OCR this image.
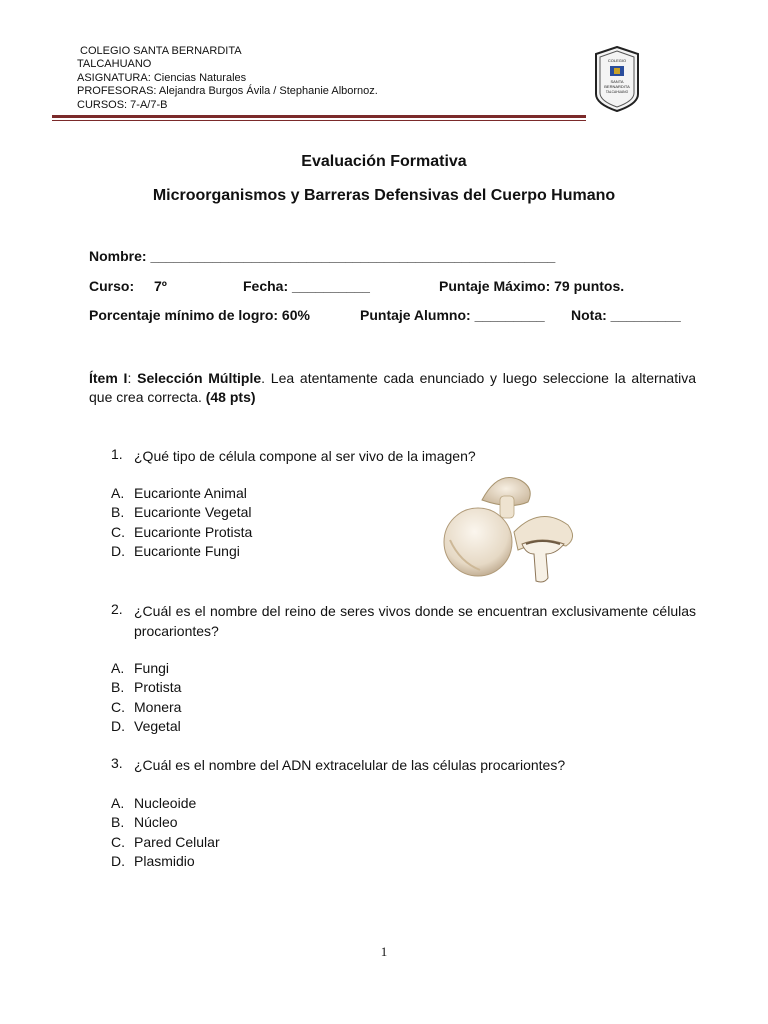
COLEGIO SANTA BERNARDITA
TALCAHUANO
ASIGNATURA: Ciencias Naturales
PROFESORAS: Alejandra Burgos Ávila / Stephanie Albornoz.
CURSOS: 7-A/7-B
COLEGIO
SANTA
BERNARDITA
TALCAHUANO
Evaluación Formativa
Microorganismos y Barreras Defensivas del Cuerpo Humano
Nombre: ____________________________________________________
Curso: 7º	Fecha: __________	Puntaje Máximo: 79 puntos.
Porcentaje mínimo de logro: 60%	Puntaje Alumno: _________ Nota: _________
Ítem I: Selección Múltiple. Lea atentamente cada enunciado y luego seleccione la alternativa que crea correcta. (48 pts)
1. ¿Qué tipo de célula compone al ser vivo de la imagen?
A. Eucarionte Animal
B. Eucarionte Vegetal
C. Eucarionte Protista
D. Eucarionte Fungi
2. ¿Cuál es el nombre del reino de seres vivos donde se encuentran exclusivamente células procariontes?
A. Fungi
B. Protista
C. Monera
D. Vegetal
3. ¿Cuál es el nombre del ADN extracelular de las células procariontes?
A. Nucleoide
B. Núcleo
C. Pared Celular
D. Plasmidio
1
